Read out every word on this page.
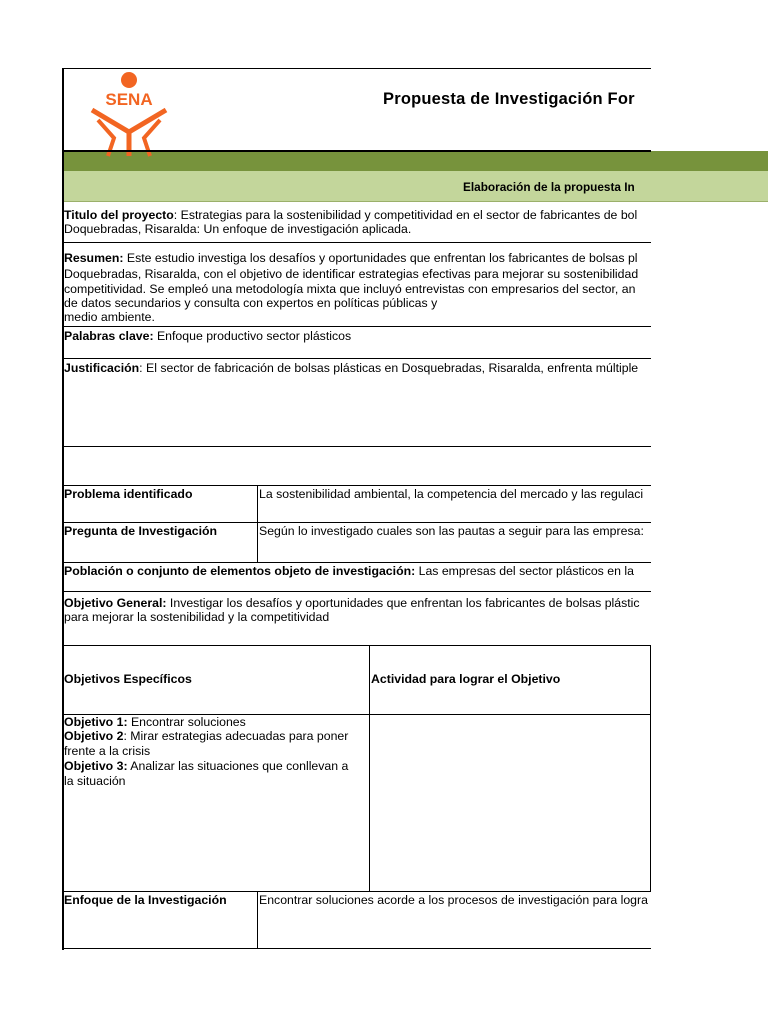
SENA	Propuesta de Investigación For
Elaboración de la propuesta In
Titulo del proyecto: Estrategias para la sostenibilidad y competitividad en el sector de fabricantes de bol
Doquebradas, Risaralda: Un enfoque de investigación aplicada.
Resumen: Este estudio investiga los desafíos y oportunidades que enfrentan los fabricantes de bolsas pl
Doquebradas, Risaralda, con el objetivo de identificar estrategias efectivas para mejorar su sostenibilidad
competitividad. Se empleó una metodología mixta que incluyó entrevistas con empresarios del sector, an
de datos secundarios y consulta con expertos en políticas públicas y
medio ambiente.
Palabras clave: Enfoque productivo sector plásticos
Justificación: El sector de fabricación de bolsas plásticas en Dosquebradas, Risaralda, enfrenta múltiple
Problema identificado	La sostenibilidad ambiental, la competencia del mercado y las regulaci
Pregunta de Investigación	Según lo investigado cuales son las pautas a seguir para las empresa:
Población o conjunto de elementos objeto de investigación: Las empresas del sector plásticos en la
Objetivo General: Investigar los desafíos y oportunidades que enfrentan los fabricantes de bolsas plástic
para mejorar la sostenibilidad y la competitividad
Objetivos Específicos	Actividad para lograr el Objetivo
Objetivo 1: Encontrar soluciones
Objetivo 2: Mirar estrategias adecuadas para poner
frente a la crisis
Objetivo 3: Analizar las situaciones que conllevan a
la situación
Enfoque de la Investigación	Encontrar soluciones acorde a los procesos de investigación para logra
